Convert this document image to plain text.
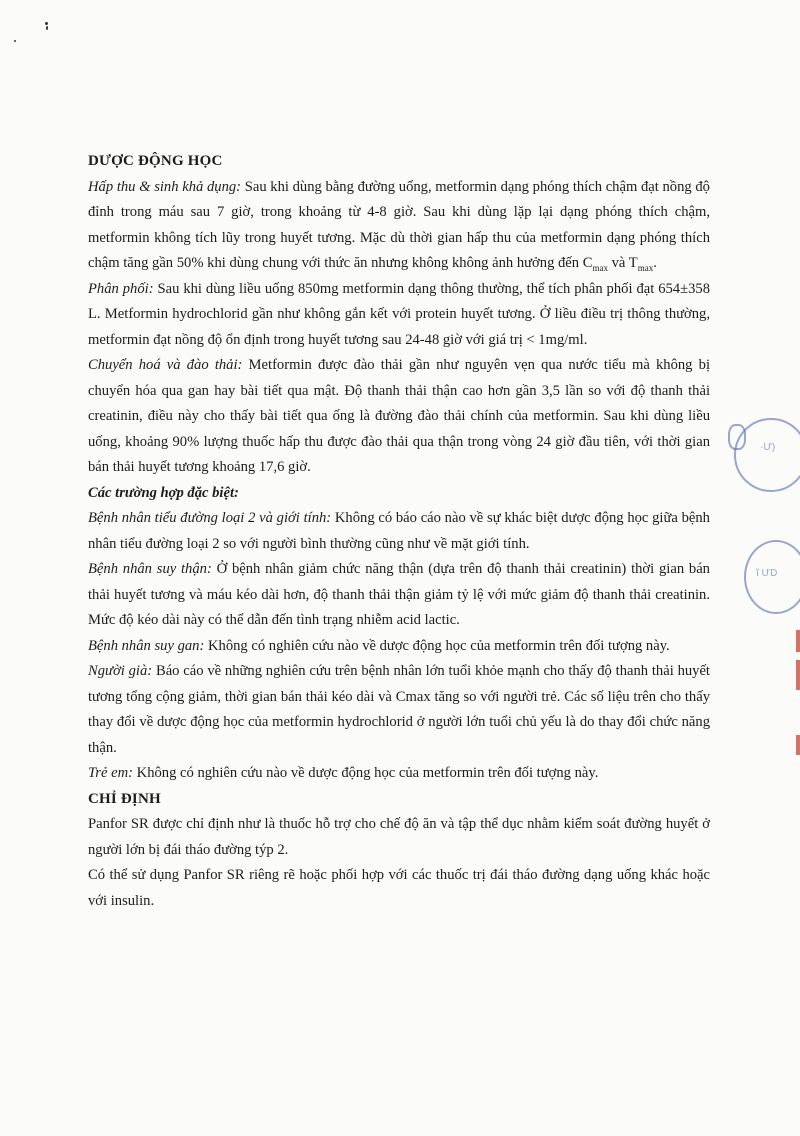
·Ư)
ĩ ƯD

DƯỢC ĐỘNG HỌC

Hấp thu & sinh khả dụng: Sau khi dùng bằng đường uống, metformin dạng phóng thích chậm đạt nồng độ đỉnh trong máu sau 7 giờ, trong khoảng từ 4-8 giờ. Sau khi dùng lặp lại dạng phóng thích chậm, metformin không tích lũy trong huyết tương. Mặc dù thời gian hấp thu của metformin dạng phóng thích chậm tăng gần 50% khi dùng chung với thức ăn nhưng không không ảnh hưởng đến $C_{max}$ và $T_{max}$.

Phân phối: Sau khi dùng liều uống 850mg metformin dạng thông thường, thể tích phân phối đạt 654±358 L. Metformin hydrochlorid gần như không gắn kết với protein huyết tương. Ở liều điều trị thông thường, metformin đạt nồng độ ổn định trong huyết tương sau 24-48 giờ với giá trị < 1mg/ml.

Chuyển hoá và đào thải: Metformin được đào thải gần như nguyên vẹn qua nước tiểu mà không bị chuyển hóa qua gan hay bài tiết qua mật. Độ thanh thải thận cao hơn gần 3,5 lần so với độ thanh thải creatinin, điều này cho thấy bài tiết qua ống là đường đào thải chính của metformin. Sau khi dùng liều uống, khoảng 90% lượng thuốc hấp thu được đào thải qua thận trong vòng 24 giờ đầu tiên, với thời gian bán thải huyết tương khoảng 17,6 giờ.

Các trường hợp đặc biệt:

Bệnh nhân tiểu đường loại 2 và giới tính: Không có báo cáo nào về sự khác biệt dược động học giữa bệnh nhân tiểu đường loại 2 so với người bình thường cũng như về mặt giới tính.

Bệnh nhân suy thận: Ở bệnh nhân giảm chức năng thận (dựa trên độ thanh thải creatinin) thời gian bán thải huyết tương và máu kéo dài hơn, độ thanh thải thận giảm tỷ lệ với mức giảm độ thanh thải creatinin. Mức độ kéo dài này có thể dẫn đến tình trạng nhiễm acid lactic.

Bệnh nhân suy gan: Không có nghiên cứu nào về dược động học của metformin trên đối tượng này.

Người già: Báo cáo về những nghiên cứu trên bệnh nhân lớn tuổi khỏe mạnh cho thấy độ thanh thải huyết tương tổng cộng giảm, thời gian bán thải kéo dài và Cmax tăng so với người trẻ. Các số liệu trên cho thấy thay đổi về dược động học của metformin hydrochlorid ở người lớn tuổi chủ yếu là do thay đổi chức năng thận.

Trẻ em: Không có nghiên cứu nào về dược động học của metformin trên đối tượng này.

CHỈ ĐỊNH

Panfor SR được chỉ định như là thuốc hỗ trợ cho chế độ ăn và tập thể dục nhằm kiểm soát đường huyết ở người lớn bị đái tháo đường týp 2.

Có thể sử dụng Panfor SR riêng rẽ hoặc phối hợp với các thuốc trị đái tháo đường dạng uống khác hoặc với insulin.
